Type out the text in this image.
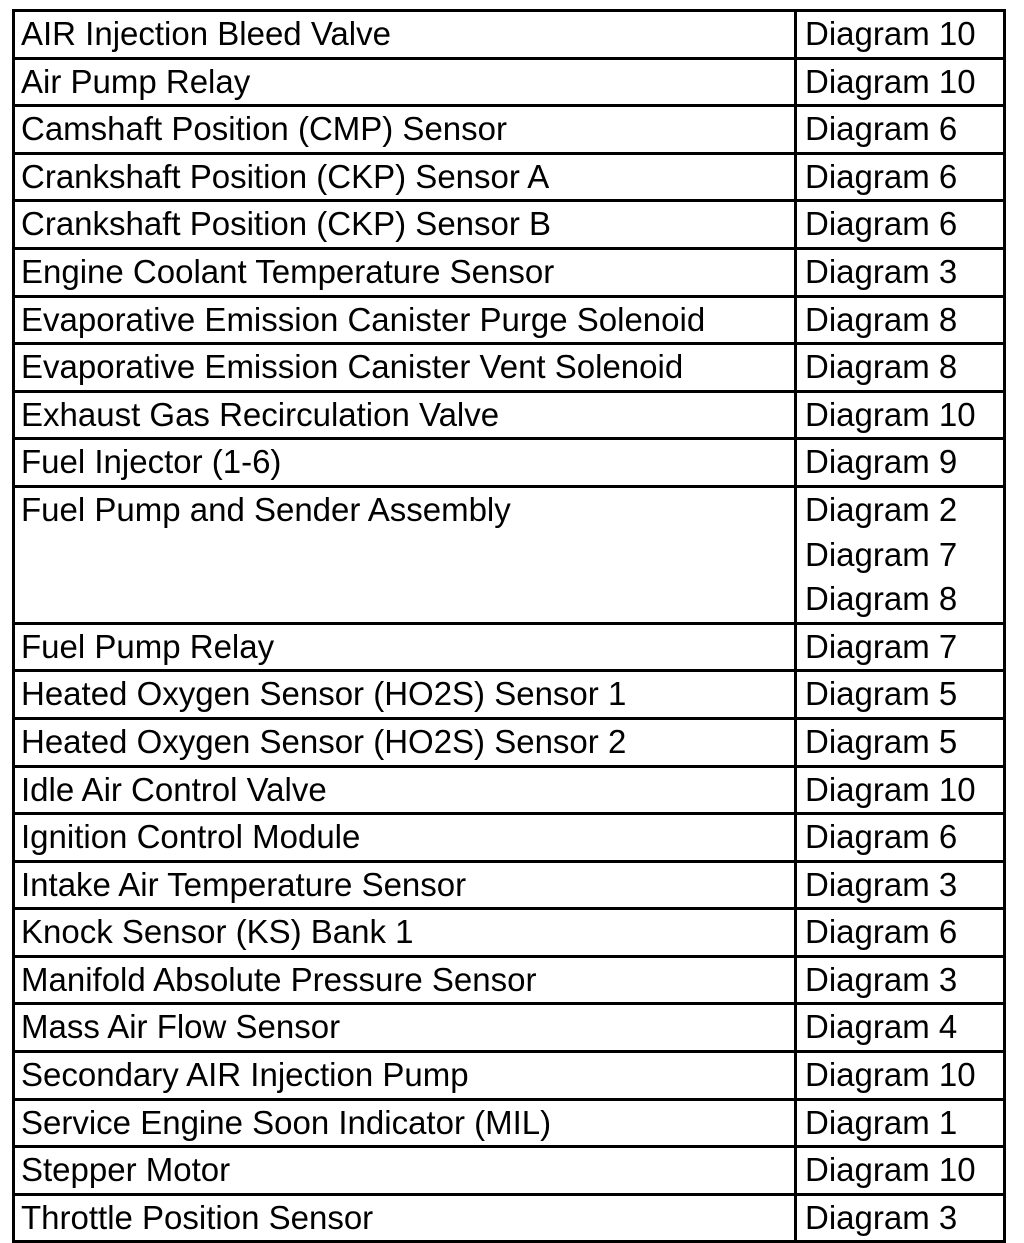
AIR Injection Bleed Valve	Diagram 10

Air Pump Relay	Diagram 10

Camshaft Position (CMP) Sensor	Diagram 6

Crankshaft Position (CKP) Sensor A	Diagram 6

Crankshaft Position (CKP) Sensor B	Diagram 6

Engine Coolant Temperature Sensor	Diagram 3

Evaporative Emission Canister Purge Solenoid	Diagram 8

Evaporative Emission Canister Vent Solenoid	Diagram 8

Exhaust Gas Recirculation Valve	Diagram 10

Fuel Injector (1-6)	Diagram 9

Fuel Pump and Sender Assembly	Diagram 2
Diagram 7
Diagram 8

Fuel Pump Relay	Diagram 7

Heated Oxygen Sensor (HO2S) Sensor 1	Diagram 5

Heated Oxygen Sensor (HO2S) Sensor 2	Diagram 5

Idle Air Control Valve	Diagram 10

Ignition Control Module	Diagram 6

Intake Air Temperature Sensor	Diagram 3

Knock Sensor (KS) Bank 1	Diagram 6

Manifold Absolute Pressure Sensor	Diagram 3

Mass Air Flow Sensor	Diagram 4

Secondary AIR Injection Pump	Diagram 10

Service Engine Soon Indicator (MIL)	Diagram 1

Stepper Motor	Diagram 10

Throttle Position Sensor	Diagram 3
